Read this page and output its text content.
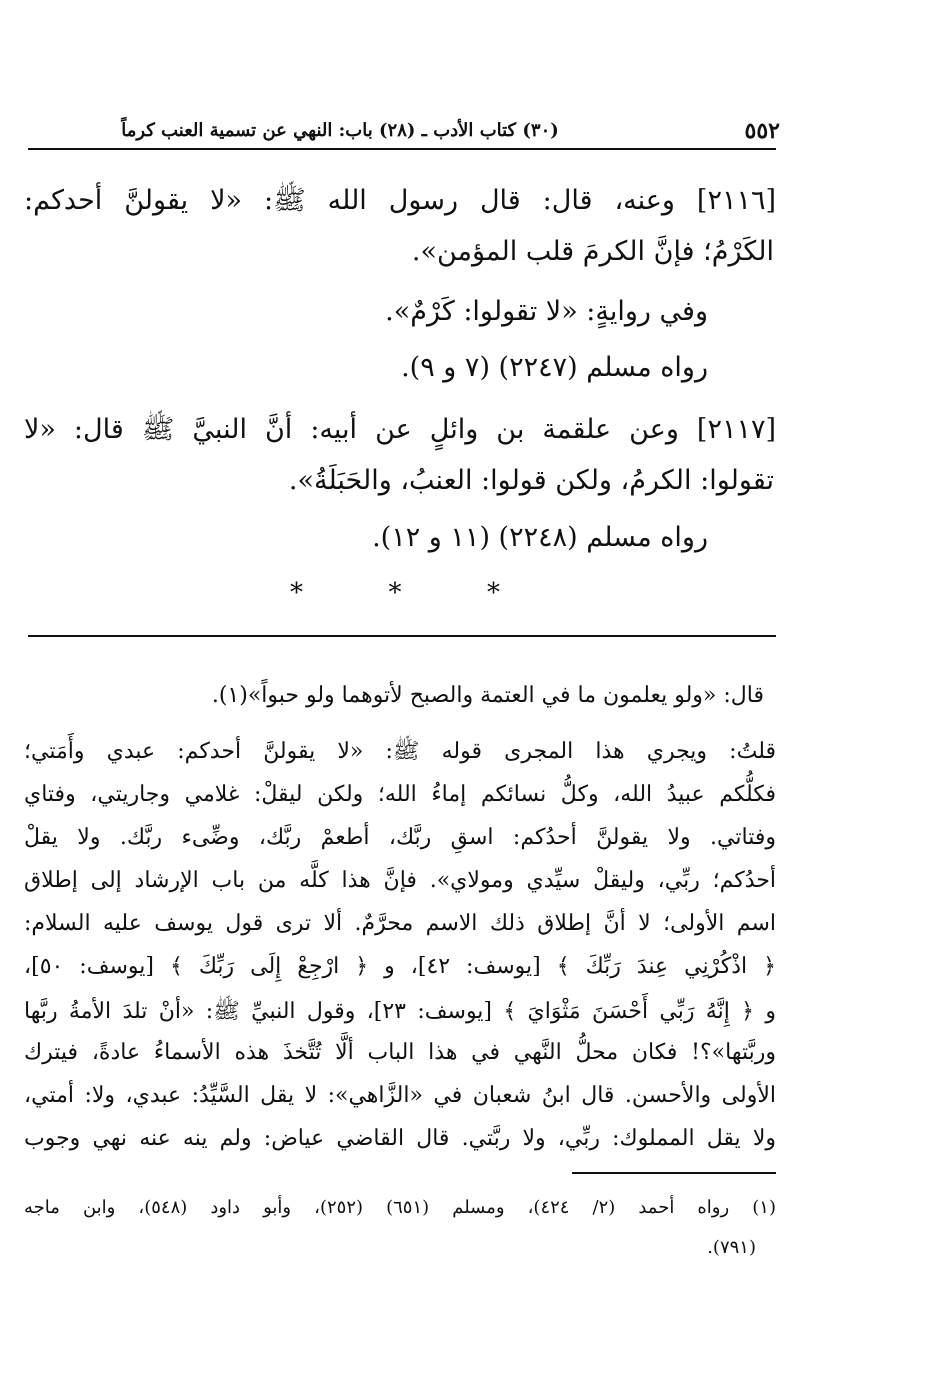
٥٥٢
(٣٠) كتاب الأدب ـ (٢٨) باب: النهي عن تسمية العنب كرماً
[٢١١٦] وعنه، قال: قال رسول الله ﷺ: «لا يقولنَّ أحدكم:
الكَرْمُ؛ فإنَّ الكرمَ قلب المؤمن».
وفي روايةٍ: «لا تقولوا: كَرْمٌ».
رواه مسلم (٢٢٤٧) (٧ و ٩).
[٢١١٧] وعن علقمة بن وائلٍ عن أبيه: أنَّ النبيَّ ﷺ قال: «لا
تقولوا: الكرمُ، ولكن قولوا: العنبُ، والحَبَلَةُ».
رواه مسلم (٢٢٤٨) (١١ و ١٢).
*	*	*
قال: «ولو يعلمون ما في العتمة والصبح لأتوهما ولو حبواً»(١).
قلتُ: ويجري هذا المجرى قوله ﷺ: «لا يقولنَّ أحدكم: عبدي وأَمَتي؛
فكلُّكم عبيدُ الله، وكلُّ نسائكم إماءُ الله؛ ولكن ليقلْ: غلامي وجاريتي، وفتاي
وفتاتي. ولا يقولنَّ أحدُكم: اسقِ ربَّك، أطعمْ ربَّك، وضِّىء ربَّك. ولا يقلْ
أحدُكم؛ ربِّي، وليقلْ سيِّدي ومولاي». فإنَّ هذا كلَّه من باب الإرشاد إلى إطلاق
اسم الأولى؛ لا أنَّ إطلاق ذلك الاسم محرَّمٌ. ألا ترى قول يوسف عليه السلام:
﴿ اذْكُرْنِي عِندَ رَبِّكَ ﴾ [يوسف: ٤٢]، و ﴿ ارْجِعْ إِلَى رَبِّكَ ﴾ [يوسف: ٥٠]،
و ﴿ إِنَّهُ رَبِّي أَحْسَنَ مَثْوَايَ ﴾ [يوسف: ٢٣]، وقول النبيِّ ﷺ: «أنْ تلدَ الأمةُ ربَّها
وربَّتها»؟! فكان محلُّ النَّهي في هذا الباب ألَّا تُتَّخذَ هذه الأسماءُ عادةً، فيترك
الأولى والأحسن. قال ابنُ شعبان في «الزَّاهي»: لا يقل السَّيِّدُ: عبدي، ولا: أمتي،
ولا يقل المملوك: ربِّي، ولا ربَّتي. قال القاضي عياض: ولم ينه عنه نهي وجوب
(١) رواه أحمد (٢/ ٤٢٤)، ومسلم (٦٥١) (٢٥٢)، وأبو داود (٥٤٨)، وابن ماجه
(٧٩١).
